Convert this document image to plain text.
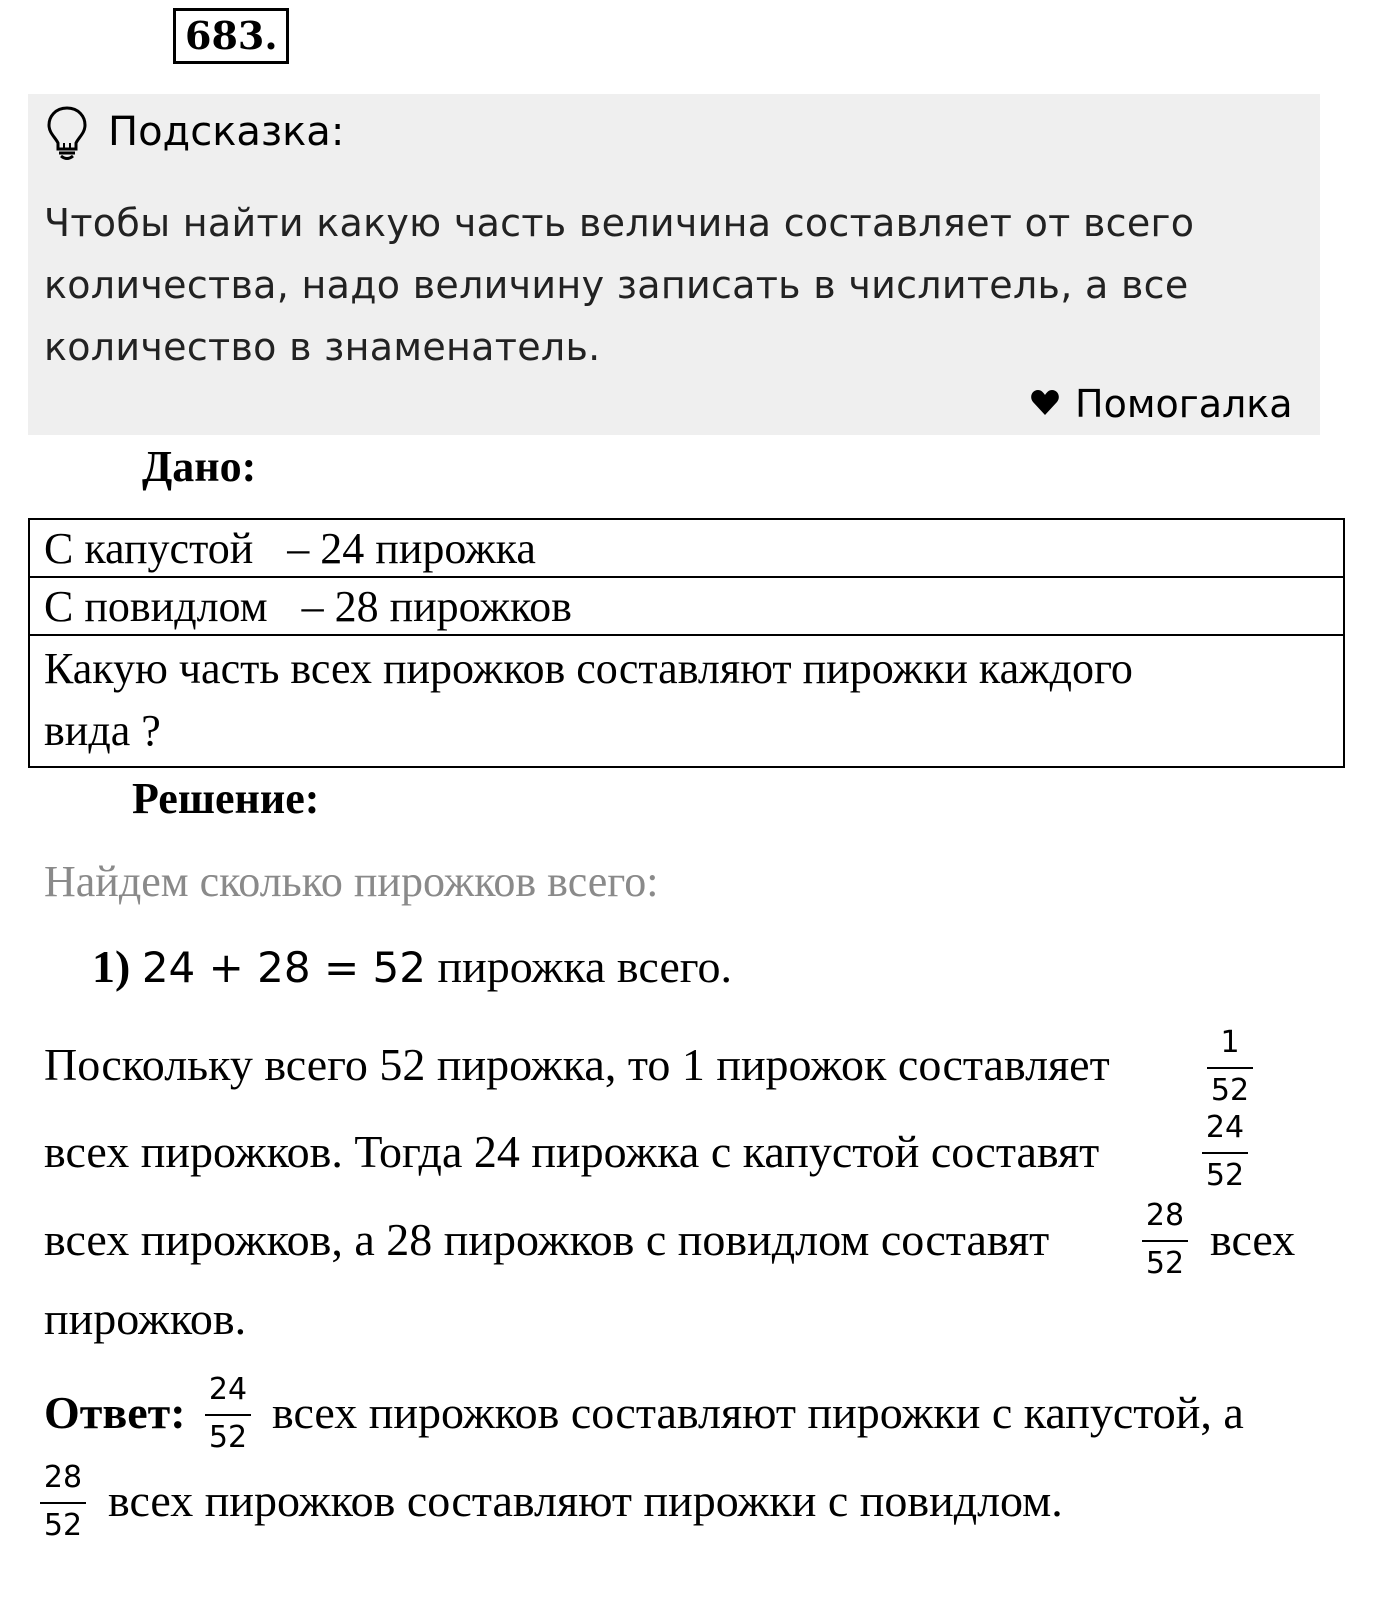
683.
Подсказка:
Чтобы найти какую часть величина составляет от всего
количества, надо величину записать в числитель, а все
количество в знаменатель.
Помогалка
Дано:
С капустой – 24 пирожка
С повидлом – 28 пирожков
Какую часть всех пирожков составляют пирожки каждого
вида ?
Решение:
Найдем сколько пирожков всего:
1) 24 + 28 = 52 пирожка всего.
Поскольку всего 52 пирожка, то 1 пирожок составляет	1
52
всех пирожков. Тогда 24 пирожка с капустой составят	24
52
всех пирожков, а 28 пирожков с повидлом составят	28
52 всех
пирожков.
Ответ: 24
52 всех пирожков составляют пирожки с капустой, а
28
52 всех пирожков составляют пирожки с повидлом.
